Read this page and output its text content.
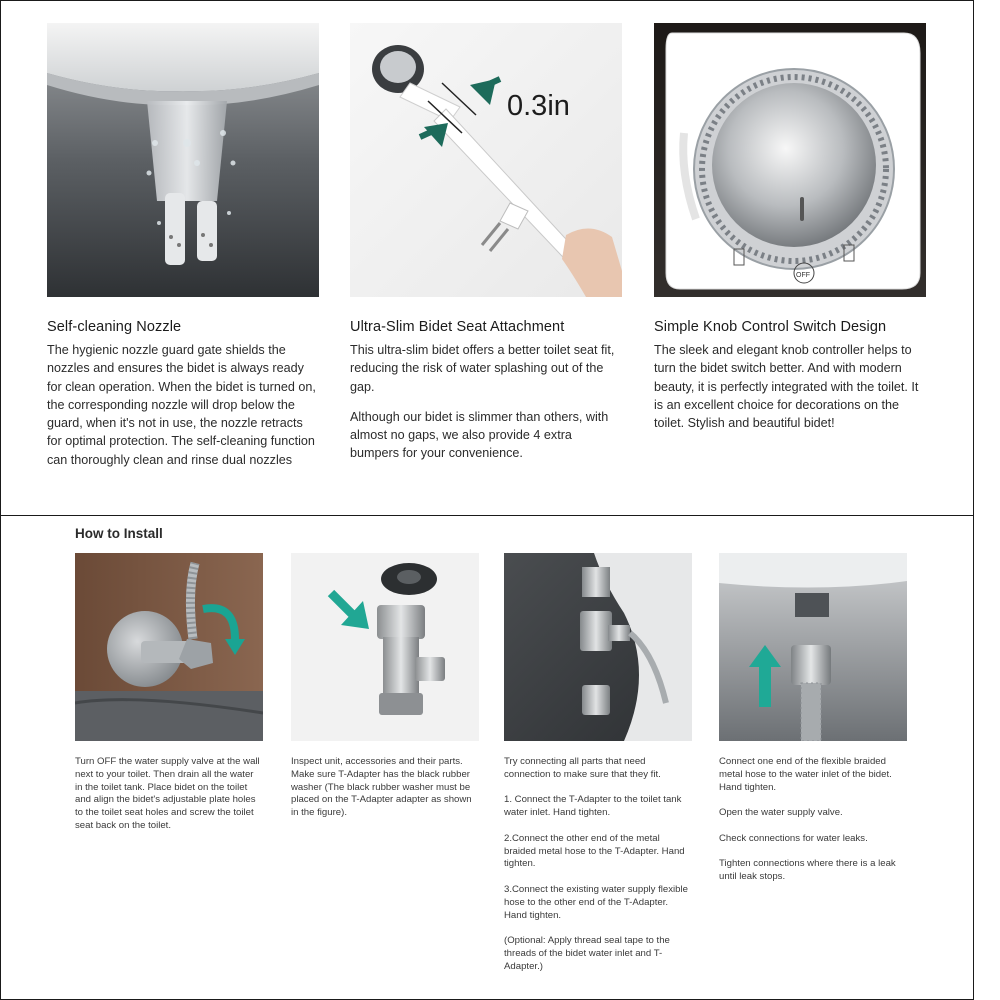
Self-cleaning Nozzle

The hygienic nozzle guard gate shields the nozzles and ensures the bidet is always ready for clean operation. When the bidet is turned on, the corresponding nozzle will drop below the guard, when it's not in use, the nozzle retracts for optimal protection. The self-cleaning function can thoroughly clean and rinse dual nozzles

0.3in
Ultra-Slim Bidet Seat Attachment

This ultra-slim bidet offers a better toilet seat fit, reducing the risk of water splashing out of the gap.

Although our bidet is slimmer than others, with almost no gaps, we also provide 4 extra bumpers for your convenience.

OFF
Simple Knob Control Switch Design

The sleek and elegant knob controller helps to turn the bidet switch better. And with modern beauty, it is perfectly integrated with the toilet. It is an excellent choice for decorations on the toilet. Stylish and beautiful bidet!

How to Install

Turn OFF the water supply valve at the wall next to your toilet. Then drain all the water in the toilet tank. Place bidet on the toilet and align the bidet's adjustable plate holes to the toilet seat holes and screw the toilet seat back on the toilet.

Inspect unit, accessories and their parts. Make sure T-Adapter has the black rubber washer (The black rubber washer must be placed on the T-Adapter adapter as shown in the figure).

Try connecting all parts that need connection to make sure that they fit.

1. Connect the T-Adapter to the toilet tank water inlet. Hand tighten.

2.Connect the other end of the metal braided metal hose to the T-Adapter. Hand tighten.

3.Connect the existing water supply flexible hose to the other end of the T-Adapter. Hand tighten.

(Optional: Apply thread seal tape to the threads of the bidet water inlet and T-Adapter.)

Connect one end of the flexible braided metal hose to the water inlet of the bidet. Hand tighten.

Open the water supply valve.

Check connections for water leaks.

Tighten connections where there is a leak until leak stops.
